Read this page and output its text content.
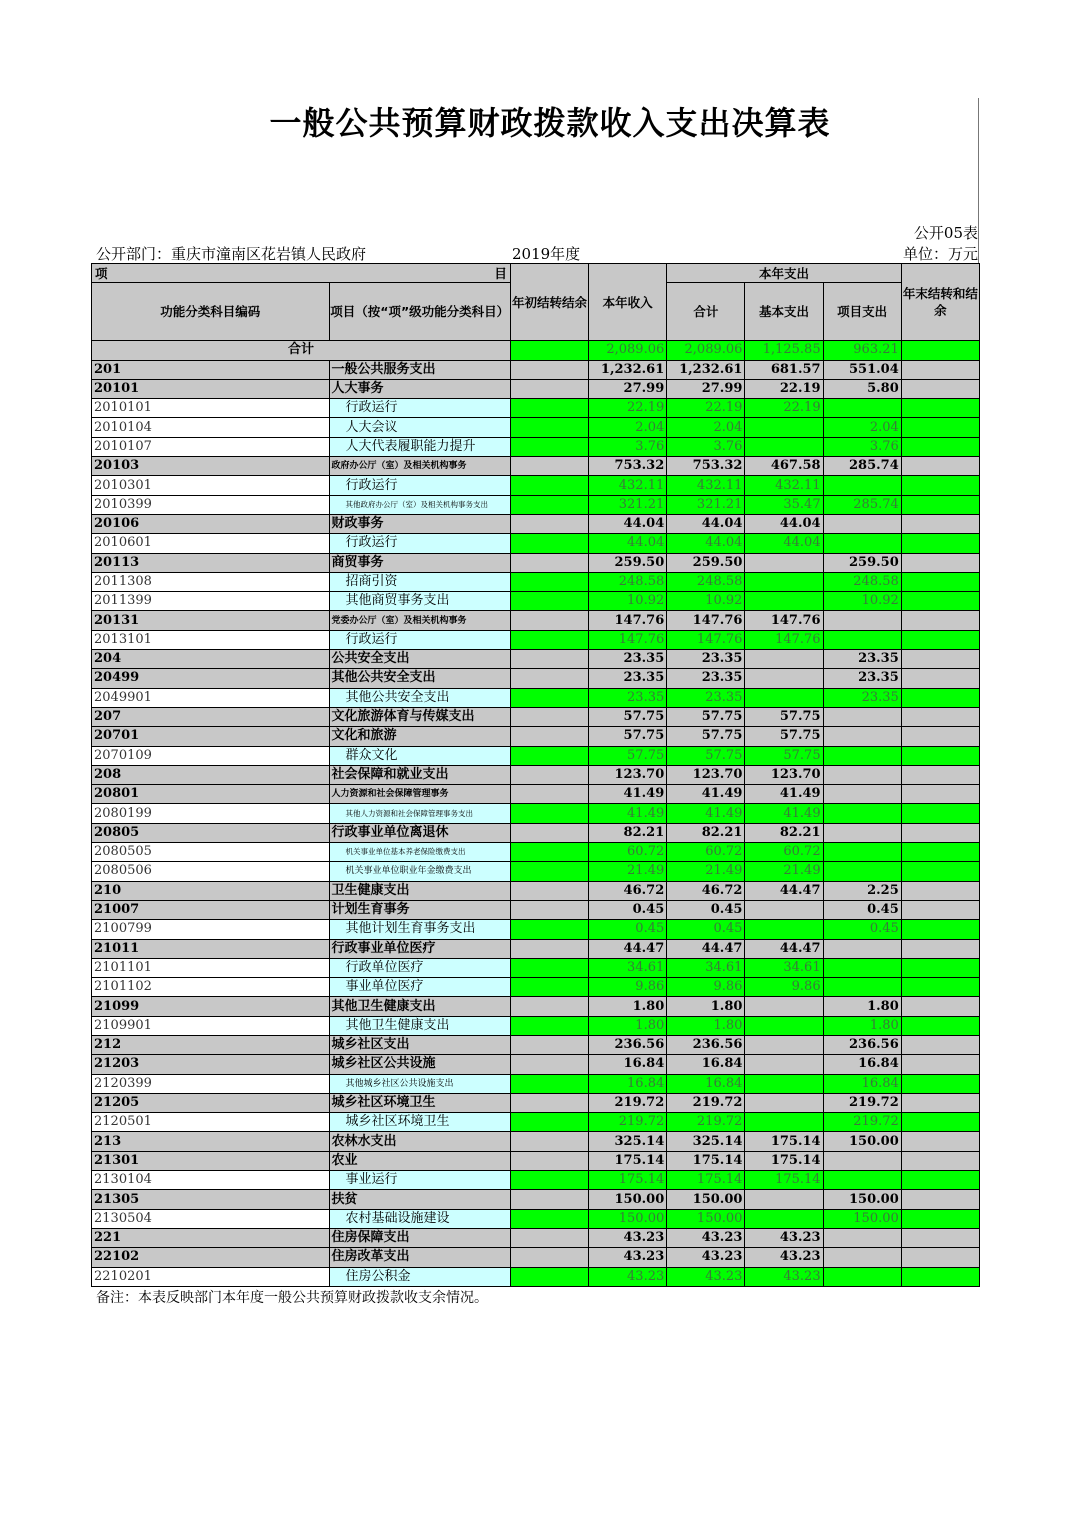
一般公共预算财政拨款收入支出决算表
公开05表
公开部门：重庆市潼南区花岩镇人民政府	2019年度	单位：万元
项 目		年初结转结余	本年收入	本年支出			年末结转和结余
功能分类科目编码	项目（按“项”级功能分类科目）			合计	基本支出	项目支出	
合计			2,089.06	2,089.06	1,125.85	963.21	
201	一般公共服务支出		1,232.61	1,232.61	681.57	551.04	
20101	人大事务		27.99	27.99	22.19	5.80	
2010101	行政运行		22.19	22.19	22.19		
2010104	人大会议		2.04	2.04		2.04	
2010107	人大代表履职能力提升		3.76	3.76		3.76	
20103	政府办公厅（室）及相关机构事务		753.32	753.32	467.58	285.74	
2010301	行政运行		432.11	432.11	432.11		
2010399	其他政府办公厅（室）及相关机构事务支出		321.21	321.21	35.47	285.74	
20106	财政事务		44.04	44.04	44.04		
2010601	行政运行		44.04	44.04	44.04		
20113	商贸事务		259.50	259.50		259.50	
2011308	招商引资		248.58	248.58		248.58	
2011399	其他商贸事务支出		10.92	10.92		10.92	
20131	党委办公厅（室）及相关机构事务		147.76	147.76	147.76		
2013101	行政运行		147.76	147.76	147.76		
204	公共安全支出		23.35	23.35		23.35	
20499	其他公共安全支出		23.35	23.35		23.35	
2049901	其他公共安全支出		23.35	23.35		23.35	
207	文化旅游体育与传媒支出		57.75	57.75	57.75		
20701	文化和旅游		57.75	57.75	57.75		
2070109	群众文化		57.75	57.75	57.75		
208	社会保障和就业支出		123.70	123.70	123.70		
20801	人力资源和社会保障管理事务		41.49	41.49	41.49		
2080199	其他人力资源和社会保障管理事务支出		41.49	41.49	41.49		
20805	行政事业单位离退休		82.21	82.21	82.21		
2080505	机关事业单位基本养老保险缴费支出		60.72	60.72	60.72		
2080506	机关事业单位职业年金缴费支出		21.49	21.49	21.49		
210	卫生健康支出		46.72	46.72	44.47	2.25	
21007	计划生育事务		0.45	0.45		0.45	
2100799	其他计划生育事务支出		0.45	0.45		0.45	
21011	行政事业单位医疗		44.47	44.47	44.47		
2101101	行政单位医疗		34.61	34.61	34.61		
2101102	事业单位医疗		9.86	9.86	9.86		
21099	其他卫生健康支出		1.80	1.80		1.80	
2109901	其他卫生健康支出		1.80	1.80		1.80	
212	城乡社区支出		236.56	236.56		236.56	
21203	城乡社区公共设施		16.84	16.84		16.84	
2120399	其他城乡社区公共设施支出		16.84	16.84		16.84	
21205	城乡社区环境卫生		219.72	219.72		219.72	
2120501	城乡社区环境卫生		219.72	219.72		219.72	
213	农林水支出		325.14	325.14	175.14	150.00	
21301	农业		175.14	175.14	175.14		
2130104	事业运行		175.14	175.14	175.14		
21305	扶贫		150.00	150.00		150.00	
2130504	农村基础设施建设		150.00	150.00		150.00	
221	住房保障支出		43.23	43.23	43.23		
22102	住房改革支出		43.23	43.23	43.23		
2210201	住房公积金		43.23	43.23	43.23		
备注：本表反映部门本年度一般公共预算财政拨款收支余情况。
